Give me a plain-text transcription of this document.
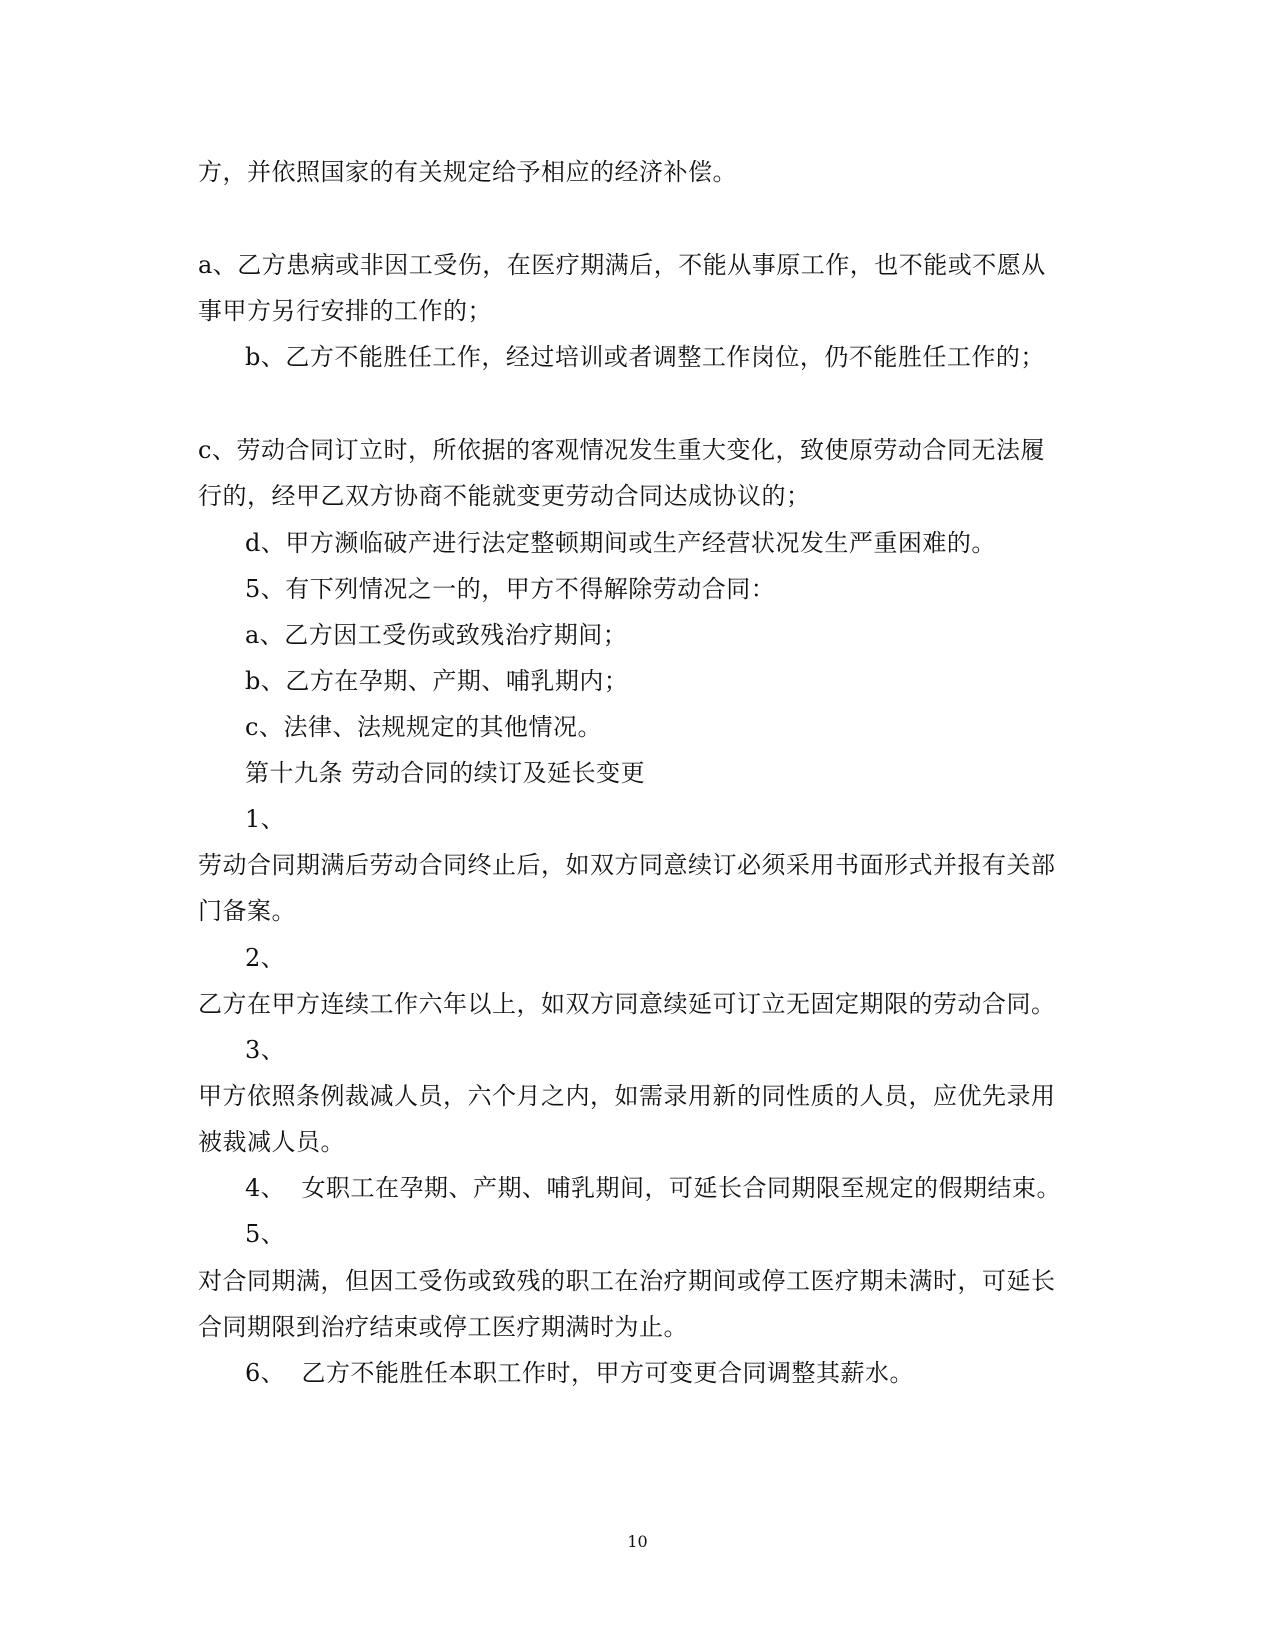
方，并依照国家的有关规定给予相应的经济补偿。
a、乙方患病或非因工受伤，在医疗期满后，不能从事原工作，也不能或不愿从
事甲方另行安排的工作的；
b、乙方不能胜任工作，经过培训或者调整工作岗位，仍不能胜任工作的；
c、劳动合同订立时，所依据的客观情况发生重大变化，致使原劳动合同无法履
行的，经甲乙双方协商不能就变更劳动合同达成协议的；
d、甲方濒临破产进行法定整顿期间或生产经营状况发生严重困难的。
5、有下列情况之一的，甲方不得解除劳动合同：
a、乙方因工受伤或致残治疗期间；
b、乙方在孕期、产期、哺乳期内；
c、法律、法规规定的其他情况。
第十九条 劳动合同的续订及延长变更
1、
劳动合同期满后劳动合同终止后，如双方同意续订必须采用书面形式并报有关部
门备案。
2、
乙方在甲方连续工作六年以上，如双方同意续延可订立无固定期限的劳动合同。
3、
甲方依照条例裁减人员，六个月之内，如需录用新的同性质的人员，应优先录用
被裁减人员。
4、  女职工在孕期、产期、哺乳期间，可延长合同期限至规定的假期结束。
5、
对合同期满，但因工受伤或致残的职工在治疗期间或停工医疗期未满时，可延长
合同期限到治疗结束或停工医疗期满时为止。
6、  乙方不能胜任本职工作时，甲方可变更合同调整其薪水。
10
